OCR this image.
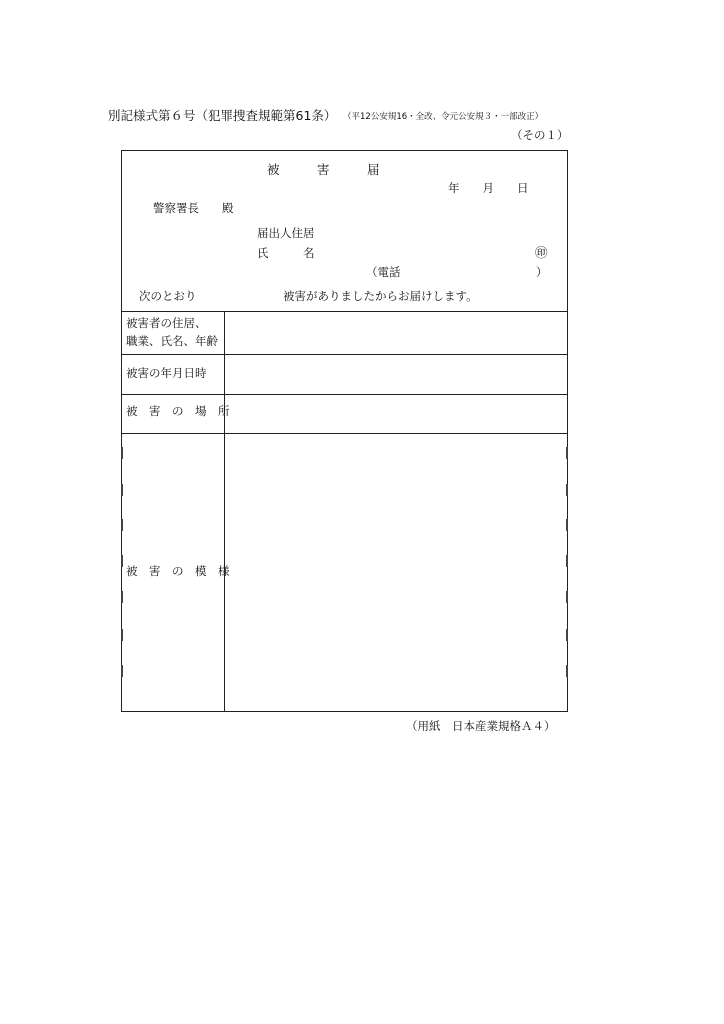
別記様式第６号（犯罪捜査規範第61条） （平12公安規16・全改、令元公安規３・一部改正）
（その１）
被　　　害　　　届
年　　月　　日
警察署長　　殿
届出人住居
氏　　　名	㊞
（電話	）
次のとおり	被害がありましたからお届けします。
被害者の住居、
職業、氏名、年齢
被害の年月日時
被　害　の　場　所
被　害　の　模　様
（用紙　日本産業規格Ａ４）
